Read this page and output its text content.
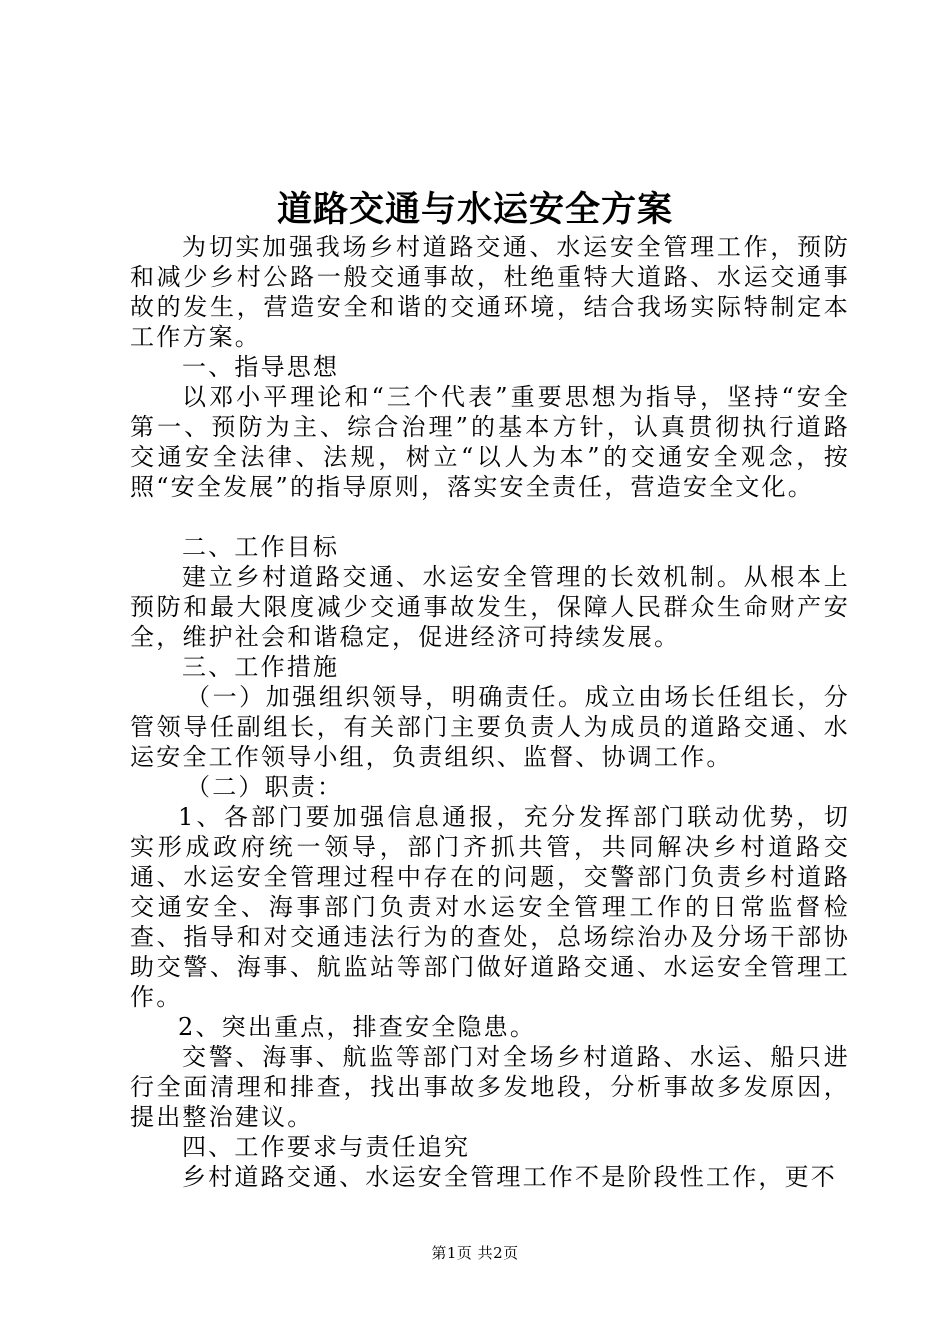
道路交通与水运安全方案

为切实加强我场乡村道路交通、水运安全管理工作，预防和减少乡村公路一般交通事故，杜绝重特大道路、水运交通事故的发生，营造安全和谐的交通环境，结合我场实际特制定本工作方案。

一、指导思想

以邓小平理论和“三个代表”重要思想为指导，坚持“安全第一、预防为主、综合治理”的基本方针，认真贯彻执行道路交通安全法律、法规，树立“以人为本”的交通安全观念，按照“安全发展”的指导原则，落实安全责任，营造安全文化。

二、工作目标

建立乡村道路交通、水运安全管理的长效机制。从根本上预防和最大限度减少交通事故发生，保障人民群众生命财产安全，维护社会和谐稳定，促进经济可持续发展。

三、工作措施

（一）加强组织领导，明确责任。成立由场长任组长，分管领导任副组长，有关部门主要负责人为成员的道路交通、水运安全工作领导小组，负责组织、监督、协调工作。

（二）职责：

1、各部门要加强信息通报，充分发挥部门联动优势，切实形成政府统一领导，部门齐抓共管，共同解决乡村道路交通、水运安全管理过程中存在的问题，交警部门负责乡村道路交通安全、海事部门负责对水运安全管理工作的日常监督检查、指导和对交通违法行为的查处，总场综治办及分场干部协助交警、海事、航监站等部门做好道路交通、水运安全管理工作。

2、突出重点，排查安全隐患。

交警、海事、航监等部门对全场乡村道路、水运、船只进行全面清理和排查，找出事故多发地段，分析事故多发原因，提出整治建议。

四、工作要求与责任追究

乡村道路交通、水运安全管理工作不是阶段性工作，更不

第1页 共2页
